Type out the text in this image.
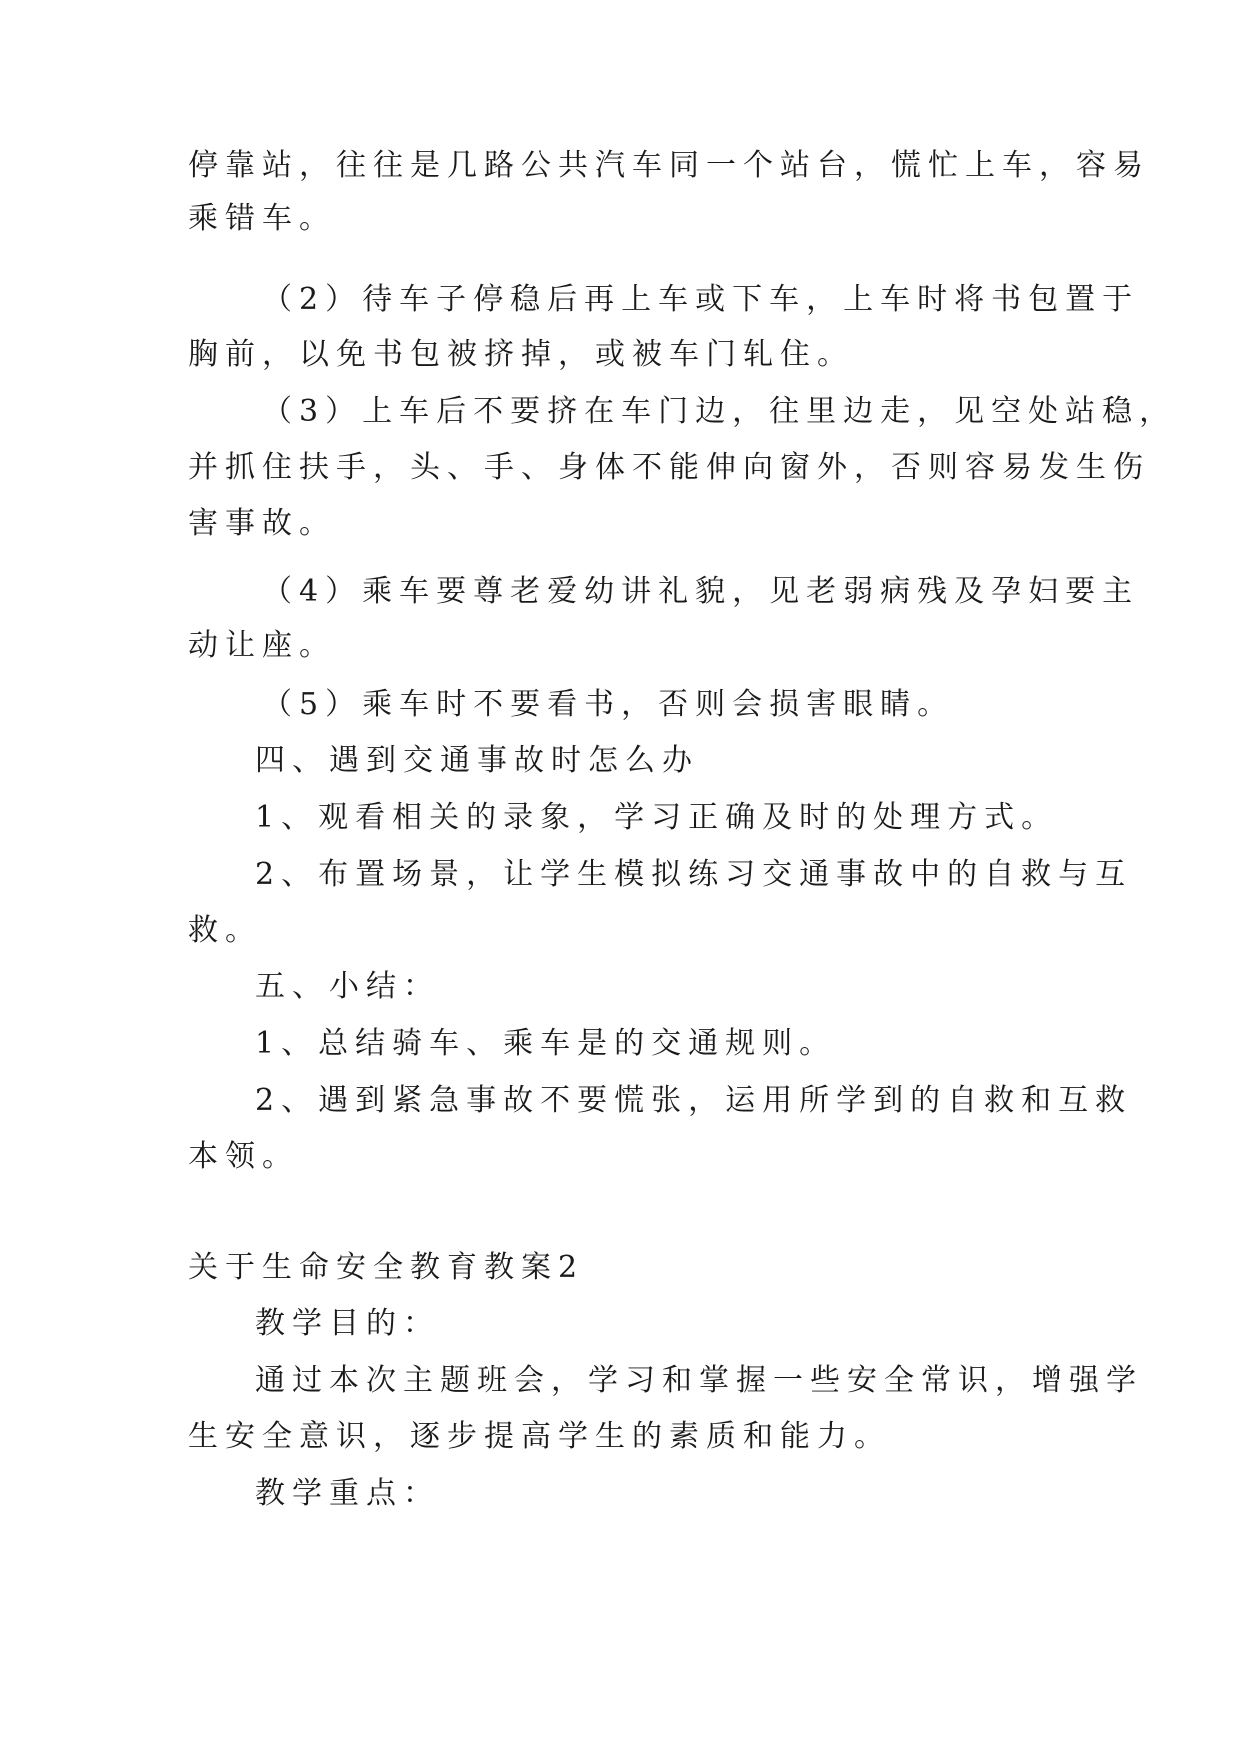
停靠站，往往是几路公共汽车同一个站台，慌忙上车，容易

乘错车。

（2）待车子停稳后再上车或下车，上车时将书包置于

胸前，以免书包被挤掉，或被车门轧住。

（3）上车后不要挤在车门边，往里边走，见空处站稳，

并抓住扶手，头、手、身体不能伸向窗外，否则容易发生伤

害事故。

（4）乘车要尊老爱幼讲礼貌，见老弱病残及孕妇要主

动让座。

（5）乘车时不要看书，否则会损害眼睛。

四、遇到交通事故时怎么办

1、观看相关的录象，学习正确及时的处理方式。

2、布置场景，让学生模拟练习交通事故中的自救与互

救。

五、小结：

1、总结骑车、乘车是的交通规则。

2、遇到紧急事故不要慌张，运用所学到的自救和互救

本领。

关于生命安全教育教案2

教学目的：

通过本次主题班会，学习和掌握一些安全常识，增强学

生安全意识，逐步提高学生的素质和能力。

教学重点：
